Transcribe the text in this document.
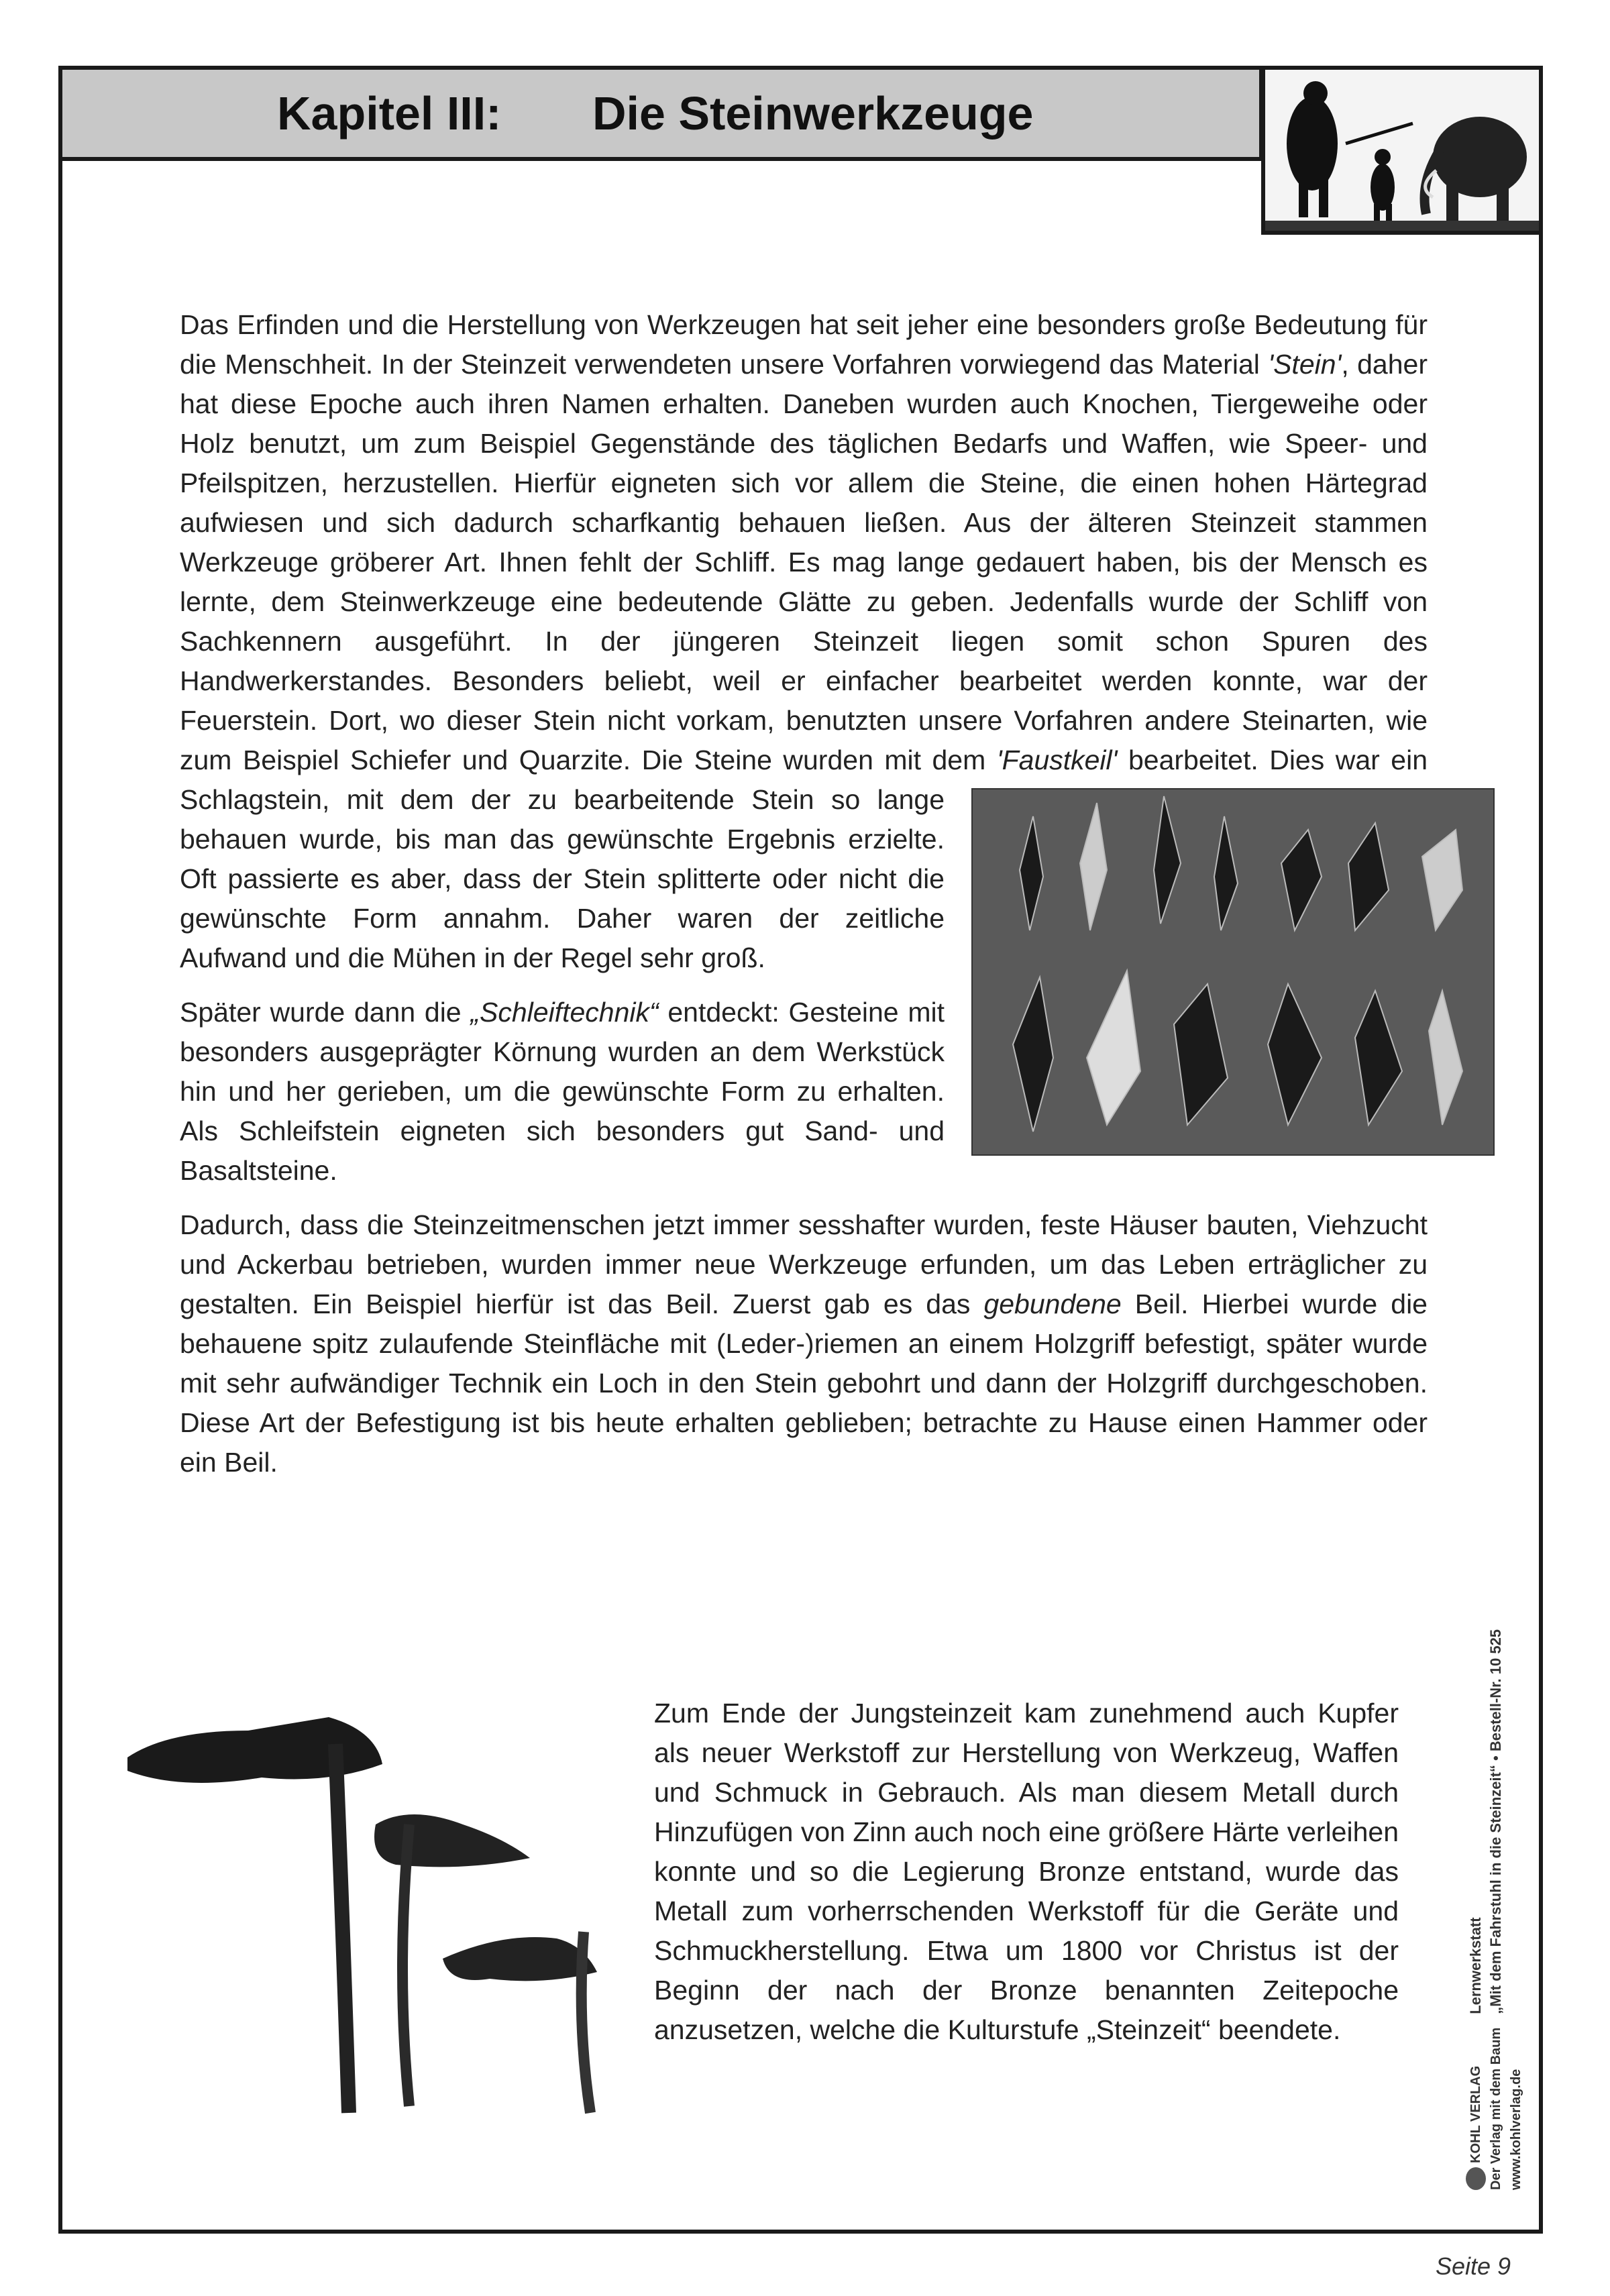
Kapitel III: Die Steinwerkzeuge

Das Erfinden und die Herstellung von Werkzeugen hat seit jeher eine besonders große Bedeutung für die Menschheit. In der Steinzeit verwendeten unsere Vorfahren vorwiegend das Material 'Stein', daher hat diese Epoche auch ihren Namen erhalten. Daneben wurden auch Knochen, Tiergeweihe oder Holz benutzt, um zum Beispiel Gegenstände des täglichen Bedarfs und Waffen, wie Speer- und Pfeilspitzen, herzustellen. Hierfür eigneten sich vor allem die Steine, die einen hohen Härtegrad aufwiesen und sich dadurch scharfkantig behauen ließen. Aus der älteren Steinzeit stammen Werkzeuge gröberer Art. Ihnen fehlt der Schliff. Es mag lange gedauert haben, bis der Mensch es lernte, dem Steinwerkzeuge eine bedeutende Glätte zu geben. Jedenfalls wurde der Schliff von Sachkennern ausgeführt. In der jüngeren Steinzeit liegen somit schon Spuren des Handwerkerstandes. Besonders beliebt, weil er einfacher bearbeitet werden konnte, war der Feuerstein. Dort, wo dieser Stein nicht vorkam, benutzten unsere Vorfahren andere Steinarten, wie zum Beispiel Schiefer und Quarzite. Die Steine wurden mit dem
'Faustkeil' bearbeitet. Dies war ein Schlagstein, mit dem der zu bearbeitende Stein so lange behauen wurde, bis man das gewünschte Ergebnis erzielte. Oft passierte es aber, dass der Stein splitterte oder nicht die gewünschte Form annahm. Daher waren der zeitliche Aufwand und die Mühen in der Regel sehr groß.

Später wurde dann die „Schleiftechnik“ entdeckt: Gesteine mit besonders ausgeprägter Körnung wurden an dem Werkstück hin und her gerieben, um die gewünschte Form zu erhalten. Als Schleifstein eigneten sich besonders gut Sand- und Basaltsteine.

Dadurch, dass die Steinzeitmenschen jetzt immer sesshafter wurden, feste Häuser bauten, Viehzucht und Ackerbau betrieben, wurden immer neue Werkzeuge erfunden, um das Leben erträglicher zu gestalten. Ein Beispiel hierfür ist das Beil. Zuerst gab es das gebundene Beil. Hierbei wurde die behauene spitz zulaufende Steinfläche mit (Leder-)riemen an einem Holzgriff befestigt, später wurde mit sehr aufwändiger Technik ein Loch in den Stein gebohrt und dann der Holzgriff durchgeschoben. Diese Art der Befestigung ist bis heute erhalten geblieben; betrachte zu Hause einen Hammer oder ein Beil.

Zum Ende der Jungsteinzeit kam zunehmend auch Kupfer als neuer Werkstoff zur Herstellung von Werkzeug, Waffen und Schmuck in Gebrauch. Als man diesem Metall durch Hinzufügen von Zinn auch noch eine größere Härte verleihen konnte und so die Legierung Bronze entstand, wurde das Metall zum vorherrschenden Werkstoff für die Geräte und Schmuckherstellung. Etwa um 1800 vor Christus ist der Beginn der nach der Bronze benannten Zeitepoche anzusetzen, welche die Kulturstufe „Steinzeit“ beendete.
KOHL VERLAG Der Verlag mit dem Baum www.kohlverlag.de
Lernwerkstatt „Mit dem Fahrstuhl in die Steinzeit“ • Bestell-Nr. 10 525
Seite 9
